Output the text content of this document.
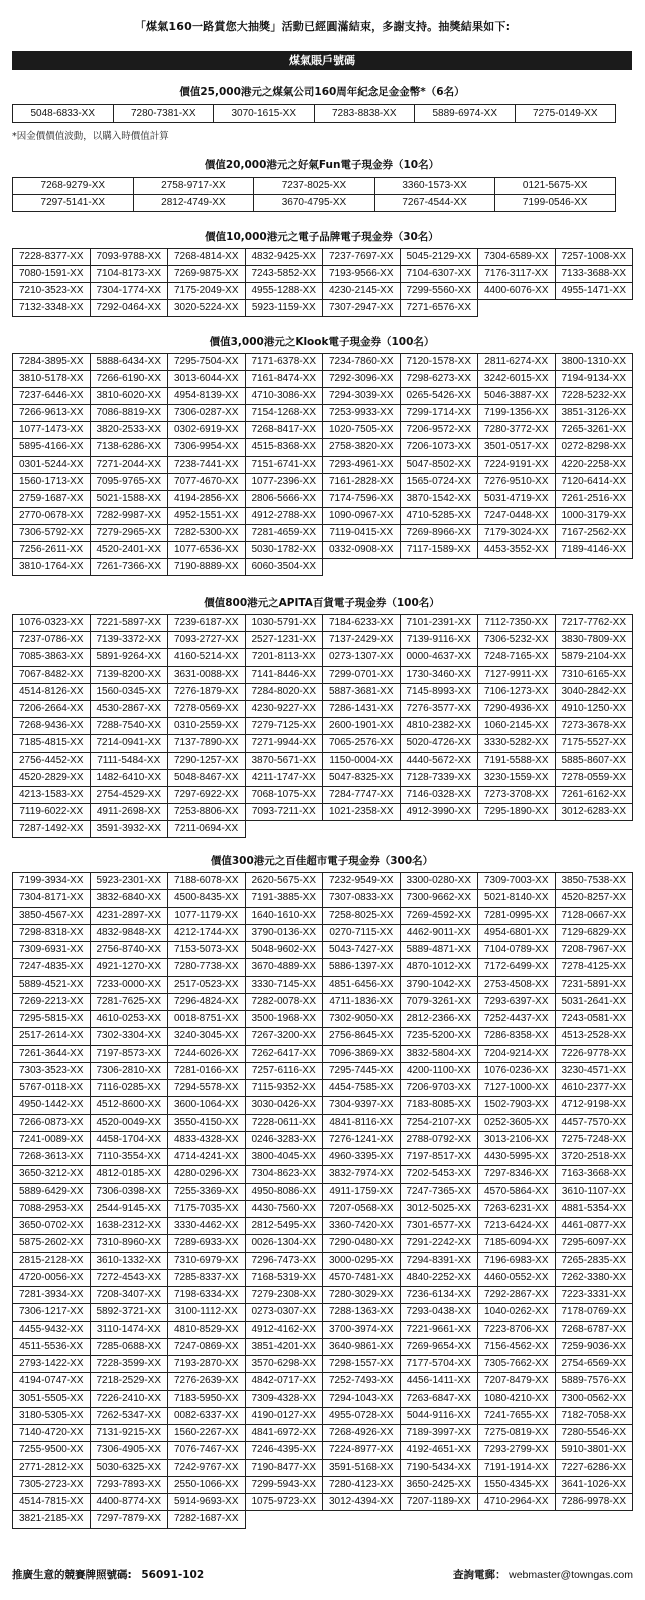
「煤氣160一路賞您大抽獎」活動已經圓滿結束，多謝支持。抽獎結果如下:
煤氣賬戶號碼
價值25,000港元之煤氣公司160周年紀念足金金幣*（6名）
5048-6833-XX	7280-7381-XX	3070-1615-XX	7283-8838-XX	5889-6974-XX	7275-0149-XX
價值20,000港元之好氣Fun電子現金券（10名）
7268-9279-XX	2758-9717-XX	7237-8025-XX	3360-1573-XX	0121-5675-XX
7297-5141-XX	2812-4749-XX	3670-4795-XX	7267-4544-XX	7199-0546-XX
價值10,000港元之電子品牌電子現金券（30名）
7228-8377-XX	7093-9788-XX	7268-4814-XX	4832-9425-XX	7237-7697-XX	5045-2129-XX	7304-6589-XX	7257-1008-XX
7080-1591-XX	7104-8173-XX	7269-9875-XX	7243-5852-XX	7193-9566-XX	7104-6307-XX	7176-3117-XX	7133-3688-XX
7210-3523-XX	7304-1774-XX	7175-2049-XX	4955-1288-XX	4230-2145-XX	7299-5560-XX	4400-6076-XX	4955-1471-XX
7132-3348-XX	7292-0464-XX	3020-5224-XX	5923-1159-XX	7307-2947-XX	7271-6576-XX
價值3,000港元之Klook電子現金券（100名）
7284-3895-XX	5888-6434-XX	7295-7504-XX	7171-6378-XX	7234-7860-XX	7120-1578-XX	2811-6274-XX	3800-1310-XX
3810-5178-XX	7266-6190-XX	3013-6044-XX	7161-8474-XX	7292-3096-XX	7298-6273-XX	3242-6015-XX	7194-9134-XX
7237-6446-XX	3810-6020-XX	4954-8139-XX	4710-3086-XX	7294-3039-XX	0265-5426-XX	5046-3887-XX	7228-5232-XX
7266-9613-XX	7086-8819-XX	7306-0287-XX	7154-1268-XX	7253-9933-XX	7299-1714-XX	7199-1356-XX	3851-3126-XX
1077-1473-XX	3820-2533-XX	0302-6919-XX	7268-8417-XX	1020-7505-XX	7206-9572-XX	7280-3772-XX	7265-3261-XX
5895-4166-XX	7138-6286-XX	7306-9954-XX	4515-8368-XX	2758-3820-XX	7206-1073-XX	3501-0517-XX	0272-8298-XX
0301-5244-XX	7271-2044-XX	7238-7441-XX	7151-6741-XX	7293-4961-XX	5047-8502-XX	7224-9191-XX	4220-2258-XX
1560-1713-XX	7095-9765-XX	7077-4670-XX	1077-2396-XX	7161-2828-XX	1565-0724-XX	7276-9510-XX	7120-6414-XX
2759-1687-XX	5021-1588-XX	4194-2856-XX	2806-5666-XX	7174-7596-XX	3870-1542-XX	5031-4719-XX	7261-2516-XX
2770-0678-XX	7282-9987-XX	4952-1551-XX	4912-2788-XX	1090-0967-XX	4710-5285-XX	7247-0448-XX	1000-3179-XX
7306-5792-XX	7279-2965-XX	7282-5300-XX	7281-4659-XX	7119-0415-XX	7269-8966-XX	7179-3024-XX	7167-2562-XX
7256-2611-XX	4520-2401-XX	1077-6536-XX	5030-1782-XX	0332-0908-XX	7117-1589-XX	4453-3552-XX	7189-4146-XX
3810-1764-XX	7261-7366-XX	7190-8889-XX	6060-3504-XX
價值800港元之APITA百貨電子現金券（100名）
1076-0323-XX	7221-5897-XX	7239-6187-XX	1030-5791-XX	7184-6233-XX	7101-2391-XX	7112-7350-XX	7217-7762-XX
7237-0786-XX	7139-3372-XX	7093-2727-XX	2527-1231-XX	7137-2429-XX	7139-9116-XX	7306-5232-XX	3830-7809-XX
7085-3863-XX	5891-9264-XX	4160-5214-XX	7201-8113-XX	0273-1307-XX	0000-4637-XX	7248-7165-XX	5879-2104-XX
7067-8482-XX	7139-8200-XX	3631-0088-XX	7141-8446-XX	7299-0701-XX	1730-3460-XX	7127-9911-XX	7310-6165-XX
4514-8126-XX	1560-0345-XX	7276-1879-XX	7284-8020-XX	5887-3681-XX	7145-8993-XX	7106-1273-XX	3040-2842-XX
7206-2664-XX	4530-2867-XX	7278-0569-XX	4230-9227-XX	7286-1431-XX	7276-3577-XX	7290-4936-XX	4910-1250-XX
7268-9436-XX	7288-7540-XX	0310-2559-XX	7279-7125-XX	2600-1901-XX	4810-2382-XX	1060-2145-XX	7273-3678-XX
7185-4815-XX	7214-0941-XX	7137-7890-XX	7271-9944-XX	7065-2576-XX	5020-4726-XX	3330-5282-XX	7175-5527-XX
2756-4452-XX	7111-5484-XX	7290-1257-XX	3870-5671-XX	1150-0004-XX	4440-5672-XX	7191-5588-XX	5885-8607-XX
4520-2829-XX	1482-6410-XX	5048-8467-XX	4211-1747-XX	5047-8325-XX	7128-7339-XX	3230-1559-XX	7278-0559-XX
4213-1583-XX	2754-4529-XX	7297-6922-XX	7068-1075-XX	7284-7747-XX	7146-0328-XX	7273-3708-XX	7261-6162-XX
7119-6022-XX	4911-2698-XX	7253-8806-XX	7093-7211-XX	1021-2358-XX	4912-3990-XX	7295-1890-XX	3012-6283-XX
7287-1492-XX	3591-3932-XX	7211-0694-XX
價值300港元之百佳超市電子現金券（300名）
7199-3934-XX	5923-2301-XX	7188-6078-XX	2620-5675-XX	7232-9549-XX	3300-0280-XX	7309-7003-XX	3850-7538-XX
7304-8171-XX	3832-6840-XX	4500-8435-XX	7191-3885-XX	7307-0833-XX	7300-9662-XX	5021-8140-XX	4520-8257-XX
3850-4567-XX	4231-2897-XX	1077-1179-XX	1640-1610-XX	7258-8025-XX	7269-4592-XX	7281-0995-XX	7128-0667-XX
7298-8318-XX	4832-9848-XX	4212-1744-XX	3790-0136-XX	0270-7115-XX	4462-9011-XX	4954-6801-XX	7129-6829-XX
7309-6931-XX	2756-8740-XX	7153-5073-XX	5048-9602-XX	5043-7427-XX	5889-4871-XX	7104-0789-XX	7208-7967-XX
7247-4835-XX	4921-1270-XX	7280-7738-XX	3670-4889-XX	5886-1397-XX	4870-1012-XX	7172-6499-XX	7278-4125-XX
5889-4521-XX	7233-0000-XX	2517-0523-XX	3330-7145-XX	4851-6456-XX	3790-1042-XX	2753-4508-XX	7231-5891-XX
7269-2213-XX	7281-7625-XX	7296-4824-XX	7282-0078-XX	4711-1836-XX	7079-3261-XX	7293-6397-XX	5031-2641-XX
7295-5815-XX	4610-0253-XX	0018-8751-XX	3500-1968-XX	7302-9050-XX	2812-2366-XX	7252-4437-XX	7243-0581-XX
2517-2614-XX	7302-3304-XX	3240-3045-XX	7267-3200-XX	2756-8645-XX	7235-5200-XX	7286-8358-XX	4513-2528-XX
7261-3644-XX	7197-8573-XX	7244-6026-XX	7262-6417-XX	7096-3869-XX	3832-5804-XX	7204-9214-XX	7226-9778-XX
7303-3523-XX	7306-2810-XX	7281-0166-XX	7257-6116-XX	7295-7445-XX	4200-1100-XX	1076-0236-XX	3230-4571-XX
5767-0118-XX	7116-0285-XX	7294-5578-XX	7115-9352-XX	4454-7585-XX	7206-9703-XX	7127-1000-XX	4610-2377-XX
4950-1442-XX	4512-8600-XX	3600-1064-XX	3030-0426-XX	7304-9397-XX	7183-8085-XX	1502-7903-XX	4712-9198-XX
7266-0873-XX	4520-0049-XX	3550-4150-XX	7228-0611-XX	4841-8116-XX	7254-2107-XX	0252-3605-XX	4457-7570-XX
7241-0089-XX	4458-1704-XX	4833-4328-XX	0246-3283-XX	7276-1241-XX	2788-0792-XX	3013-2106-XX	7275-7248-XX
7268-3613-XX	7110-3554-XX	4714-4241-XX	3800-4045-XX	4960-3395-XX	7197-8517-XX	4430-5995-XX	3720-2518-XX
3650-3212-XX	4812-0185-XX	4280-0296-XX	7304-8623-XX	3832-7974-XX	7202-5453-XX	7297-8346-XX	7163-3668-XX
5889-6429-XX	7306-0398-XX	7255-3369-XX	4950-8086-XX	4911-1759-XX	7247-7365-XX	4570-5864-XX	3610-1107-XX
7088-2953-XX	2544-9145-XX	7175-7035-XX	4430-7560-XX	7207-0568-XX	3012-5025-XX	7263-6231-XX	4881-5354-XX
3650-0702-XX	1638-2312-XX	3330-4462-XX	2812-5495-XX	3360-7420-XX	7301-6577-XX	7213-6424-XX	4461-0877-XX
5875-2602-XX	7310-8960-XX	7289-6933-XX	0026-1304-XX	7290-0480-XX	7291-2242-XX	7185-6094-XX	7295-6097-XX
2815-2128-XX	3610-1332-XX	7310-6979-XX	7296-7473-XX	3000-0295-XX	7294-8391-XX	7196-6983-XX	7265-2835-XX
4720-0056-XX	7272-4543-XX	7285-8337-XX	7168-5319-XX	4570-7481-XX	4840-2252-XX	4460-0552-XX	7262-3380-XX
7281-3934-XX	7208-3407-XX	7198-6334-XX	7279-2308-XX	7280-3029-XX	7236-6134-XX	7292-2867-XX	7223-3331-XX
7306-1217-XX	5892-3721-XX	3100-1112-XX	0273-0307-XX	7288-1363-XX	7293-0438-XX	1040-0262-XX	7178-0769-XX
4455-9432-XX	3110-1474-XX	4810-8529-XX	4912-4162-XX	3700-3974-XX	7221-9661-XX	7223-8706-XX	7268-6787-XX
4511-5536-XX	7285-0688-XX	7247-0869-XX	3851-4201-XX	3640-9861-XX	7269-9654-XX	7156-4562-XX	7259-9036-XX
2793-1422-XX	7228-3599-XX	7193-2870-XX	3570-6298-XX	7298-1557-XX	7177-5704-XX	7305-7662-XX	2754-6569-XX
4194-0747-XX	7218-2529-XX	7276-2639-XX	4842-0717-XX	7252-7493-XX	4456-1411-XX	7207-8479-XX	5889-7576-XX
3051-5505-XX	7226-2410-XX	7183-5950-XX	7309-4328-XX	7294-1043-XX	7263-6847-XX	1080-4210-XX	7300-0562-XX
3180-5305-XX	7262-5347-XX	0082-6337-XX	4190-0127-XX	4955-0728-XX	5044-9116-XX	7241-7655-XX	7182-7058-XX
7140-4720-XX	7131-9215-XX	1560-2267-XX	4841-6972-XX	7268-4926-XX	7189-3997-XX	7275-0819-XX	7280-5546-XX
7255-9500-XX	7306-4905-XX	7076-7467-XX	7246-4395-XX	7224-8977-XX	4192-4651-XX	7293-2799-XX	5910-3801-XX
2771-2812-XX	5030-6325-XX	7242-9767-XX	7190-8477-XX	3591-5168-XX	7190-5434-XX	7191-1914-XX	7227-6286-XX
7305-2723-XX	7293-7893-XX	2550-1066-XX	7299-5943-XX	7280-4123-XX	3650-2425-XX	1550-4345-XX	3641-1026-XX
4514-7815-XX	4400-8774-XX	5914-9693-XX	1075-9723-XX	3012-4394-XX	7207-1189-XX	4710-2964-XX	7286-9978-XX
3821-2185-XX	7297-7879-XX	7282-1687-XX
*因金價價值波動，以購入時價值計算
推廣生意的競賽牌照號碼: 56091-102	查詢電郵： webmaster@towngas.com
